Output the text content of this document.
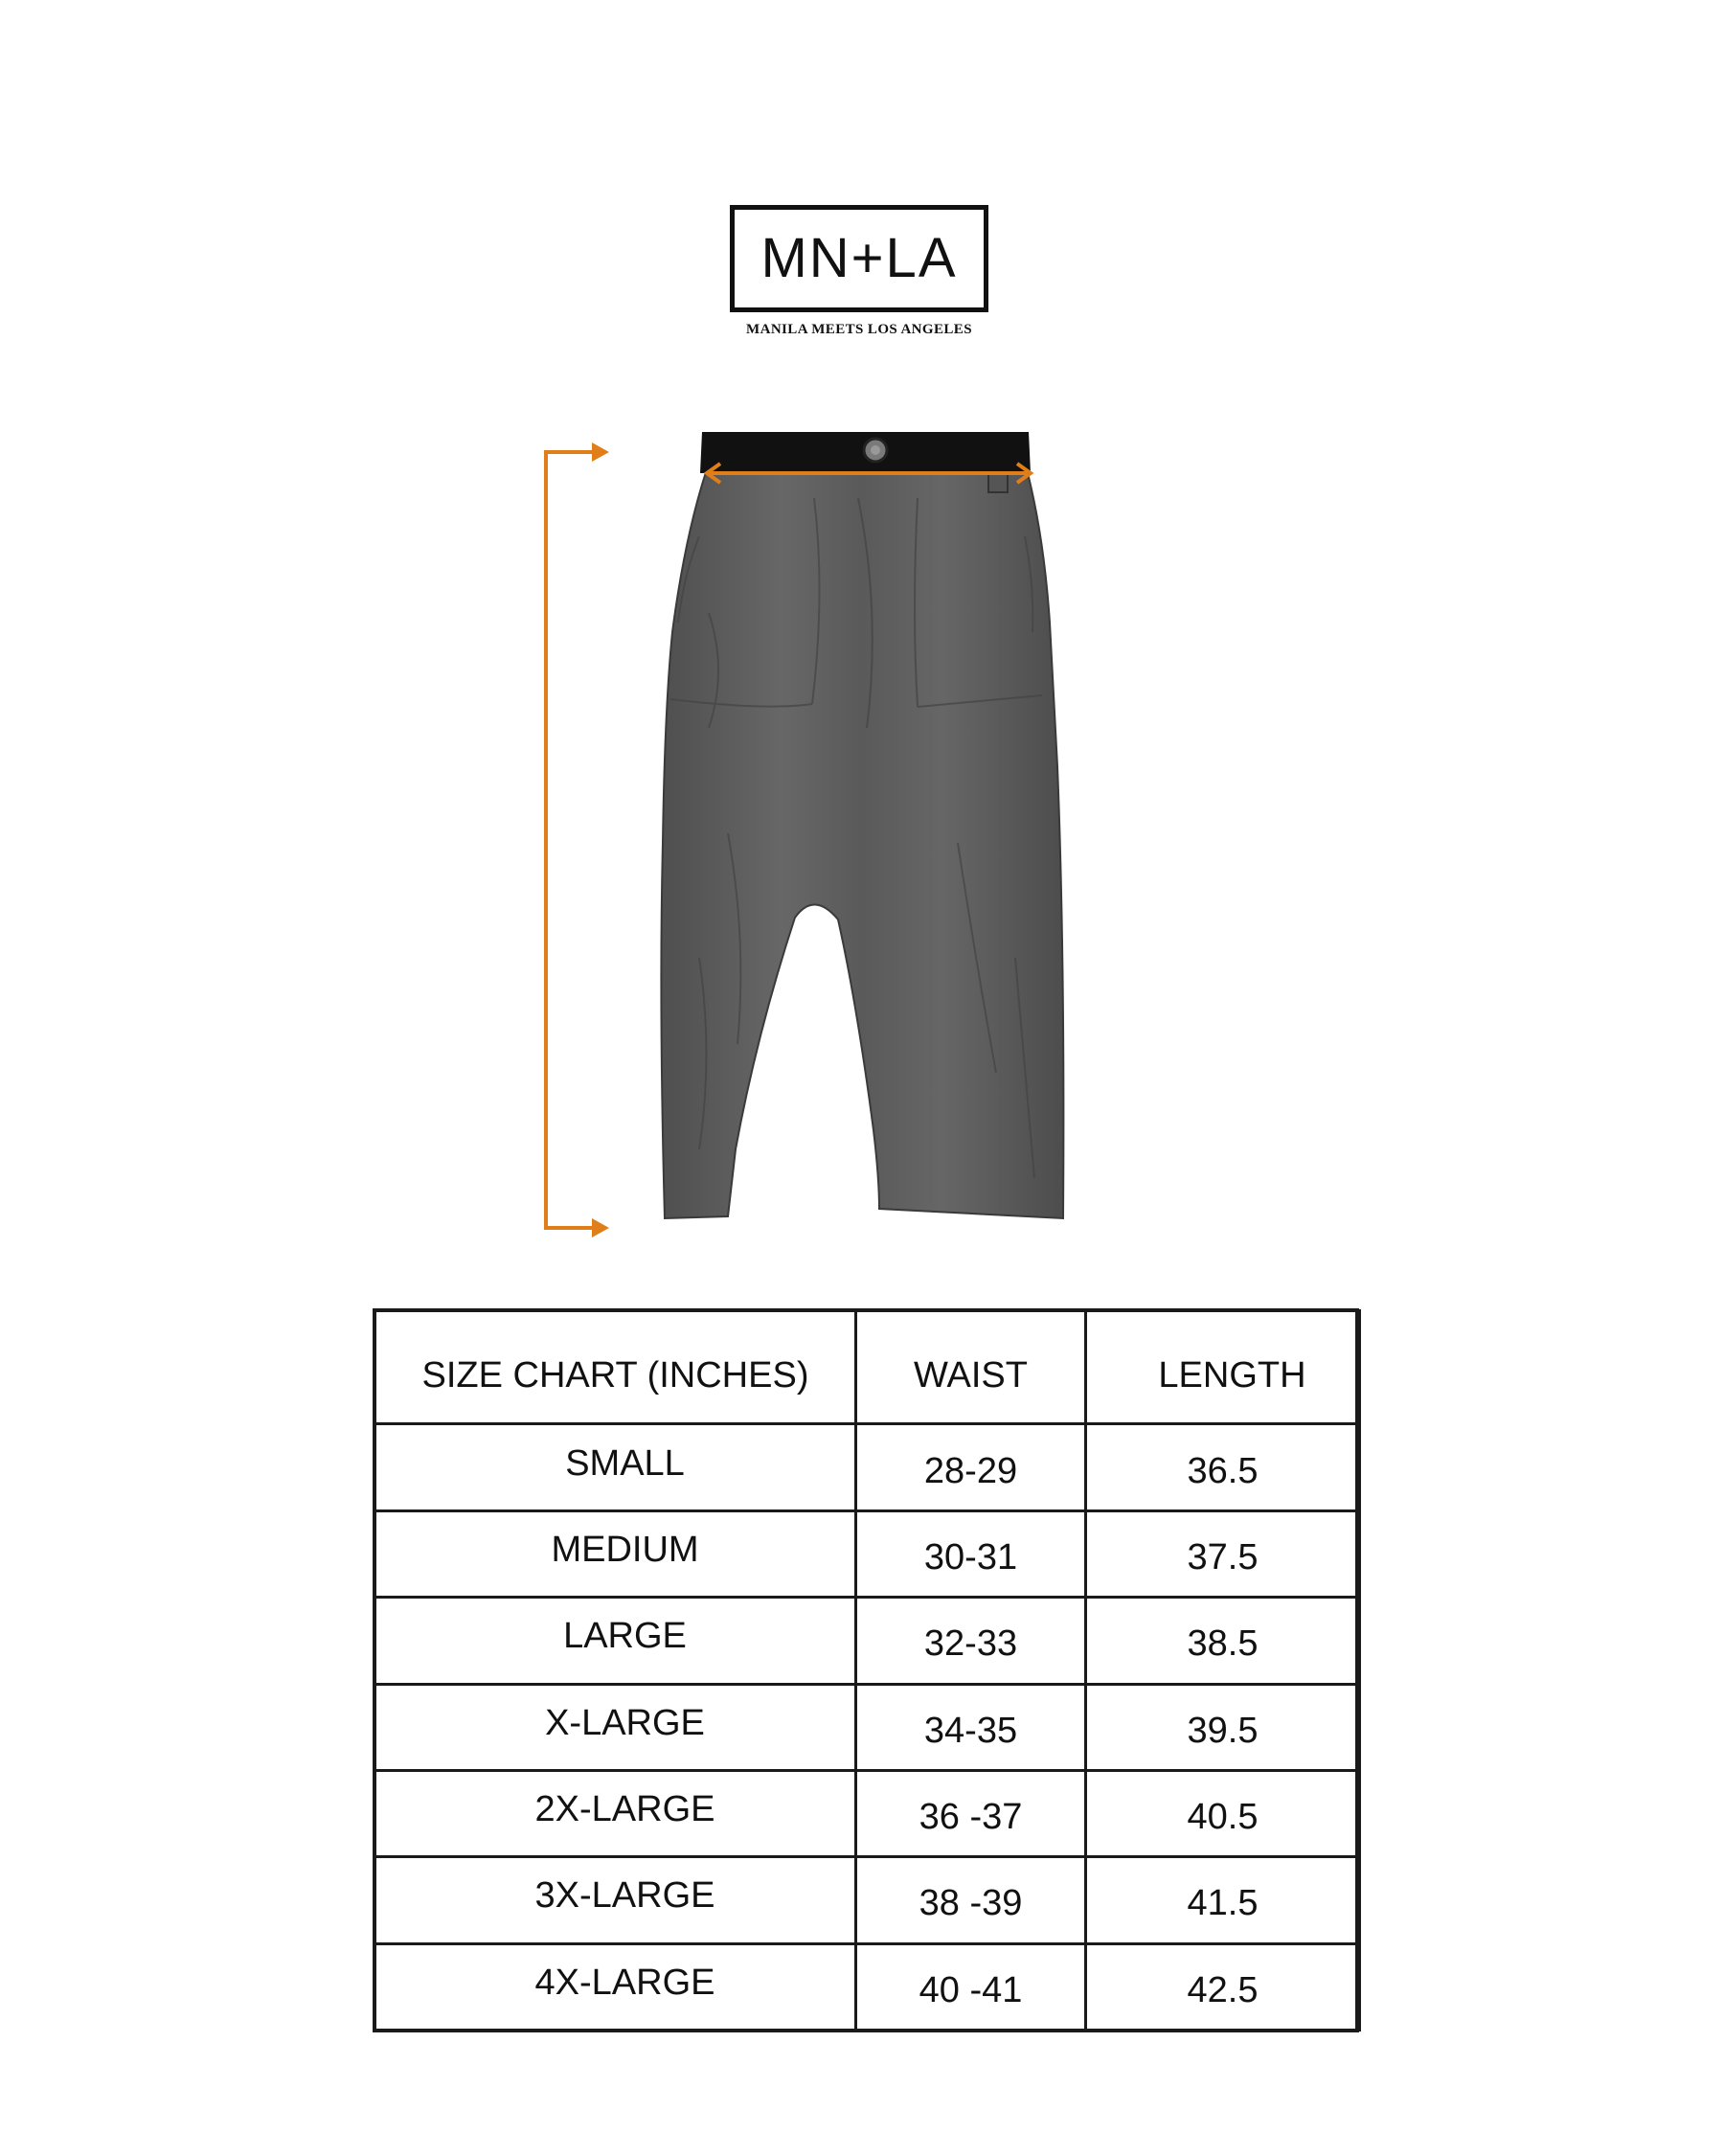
MN+LA
MANILA MEETS LOS ANGELES
SIZE CHART (INCHES)	WAIST	LENGTH
SMALL	28-29	36.5
MEDIUM	30-31	37.5
LARGE	32-33	38.5
X-LARGE	34-35	39.5
2X-LARGE	36 -37	40.5
3X-LARGE	38 -39	41.5
4X-LARGE	40 -41	42.5
